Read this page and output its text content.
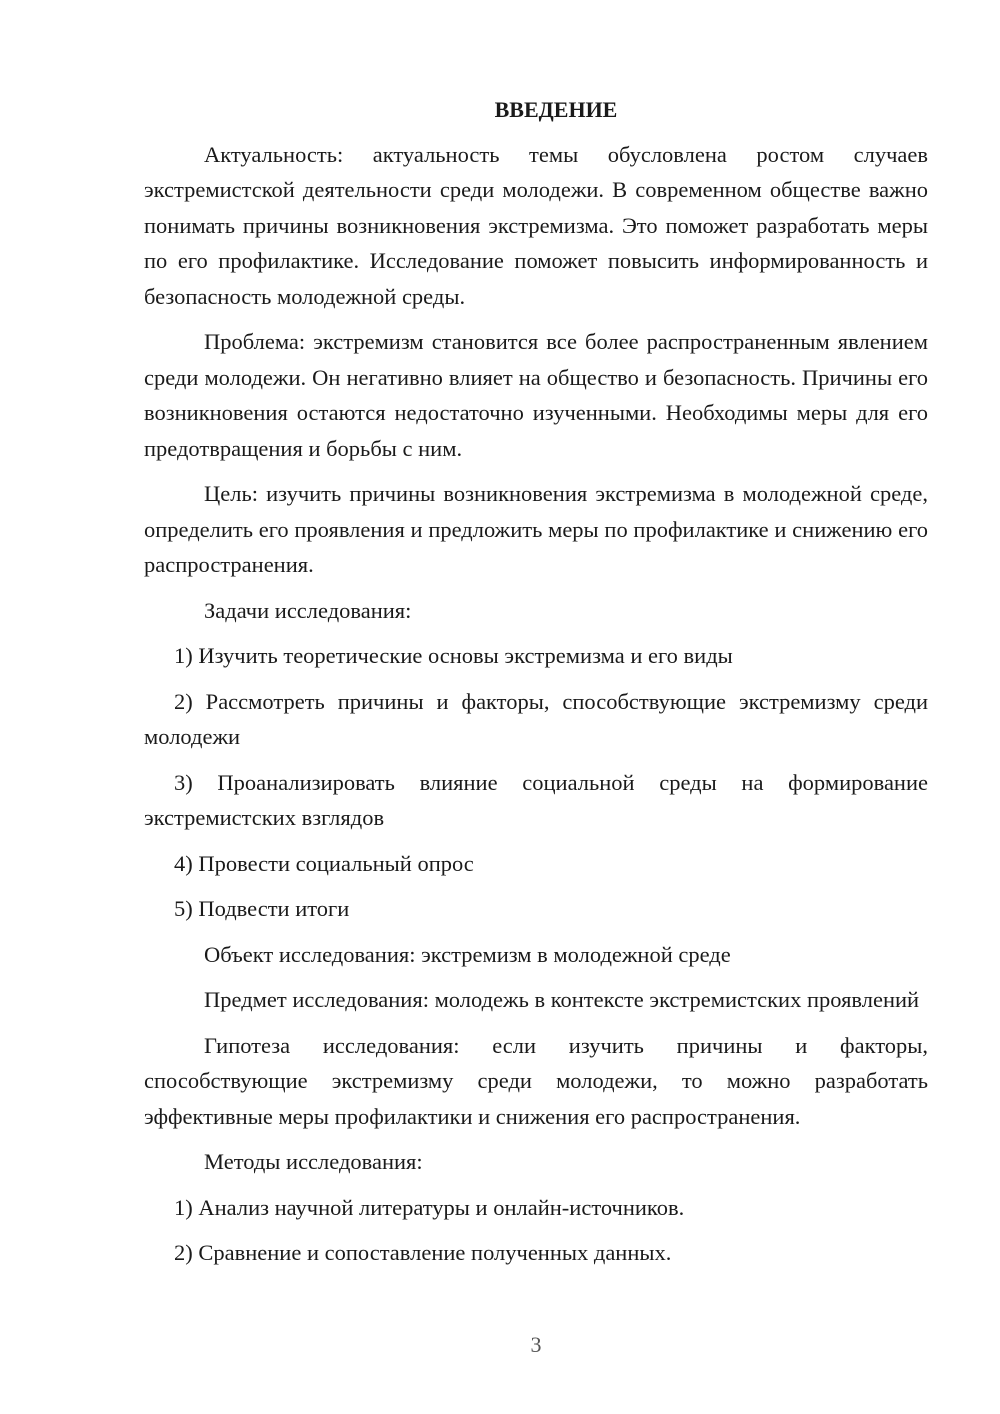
ВВЕДЕНИЕ

Актуальность: актуальность темы обусловлена ростом случаев экстремистской деятельности среди молодежи. В современном обществе важно понимать причины возникновения экстремизма. Это поможет разработать меры по его профилактике. Исследование поможет повысить информированность и безопасность молодежной среды.

Проблема: экстремизм становится все более распространенным явлением среди молодежи. Он негативно влияет на общество и безопасность. Причины его возникновения остаются недостаточно изученными. Необходимы меры для его предотвращения и борьбы с ним.

Цель: изучить причины возникновения экстремизма в молодежной среде, определить его проявления и предложить меры по профилактике и снижению его распространения.

Задачи исследования:

1) Изучить теоретические основы экстремизма и его виды

2) Рассмотреть причины и факторы, способствующие экстремизму среди молодежи

3) Проанализировать влияние социальной среды на формирование экстремистских взглядов

4) Провести социальный опрос

5) Подвести итоги

Объект исследования: экстремизм в молодежной среде

Предмет исследования: молодежь в контексте экстремистских проявлений

Гипотеза исследования: если изучить причины и факторы, способствующие экстремизму среди молодежи, то можно разработать эффективные меры профилактики и снижения его распространения.

Методы исследования:

1) Анализ научной литературы и онлайн-источников.

2) Сравнение и сопоставление полученных данных.

3
